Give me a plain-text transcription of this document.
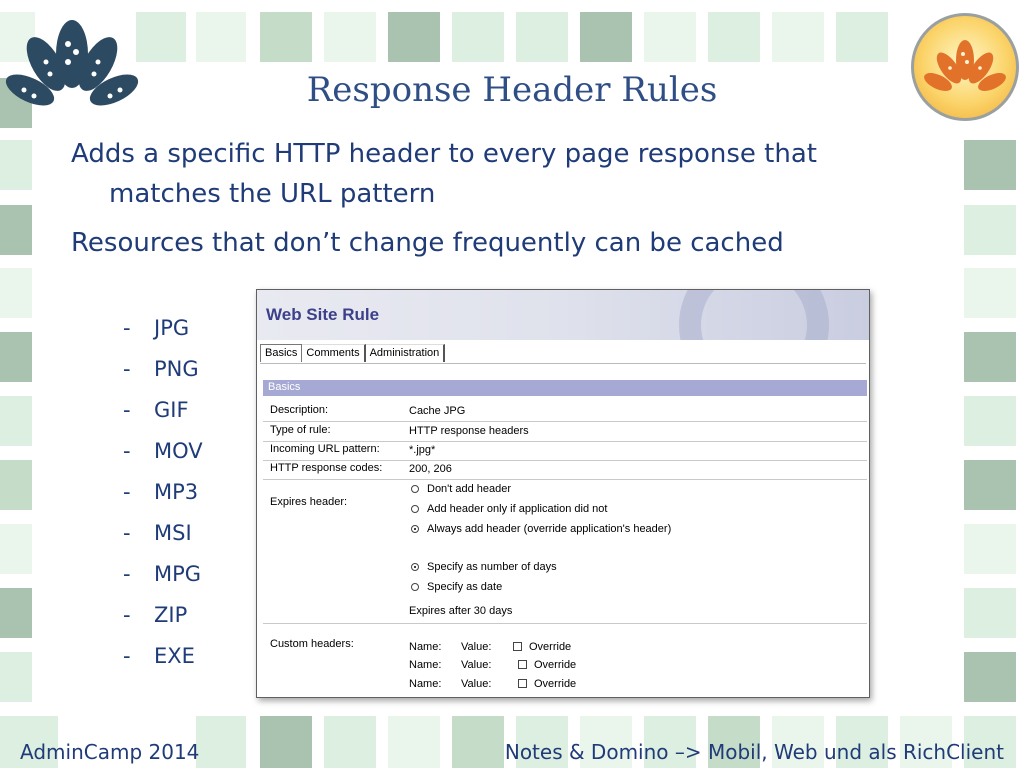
Response Header Rules
Adds a specific HTTP header to every page response that
matches the URL pattern
Resources that don’t change frequently can be cached
- JPG
- PNG
- GIF
- MOV
- MP3
- MSI
- MPG
- ZIP
- EXE
Web Site Rule
Basics Comments Administration
Basics
Description:	Cache JPG
Type of rule:	HTTP response headers
Incoming URL pattern:	*.jpg*
HTTP response codes: 200, 206
Expires header:
Don't add header
Add header only if application did not
Always add header (override application's header)
Specify as number of days
Specify as date
Expires after 30 days
Custom headers:	Name: Value:	Override
Name: Value:	Override
Name: Value:	Override
AdminCamp 2014	Notes & Domino –> Mobil, Web und als RichClient
